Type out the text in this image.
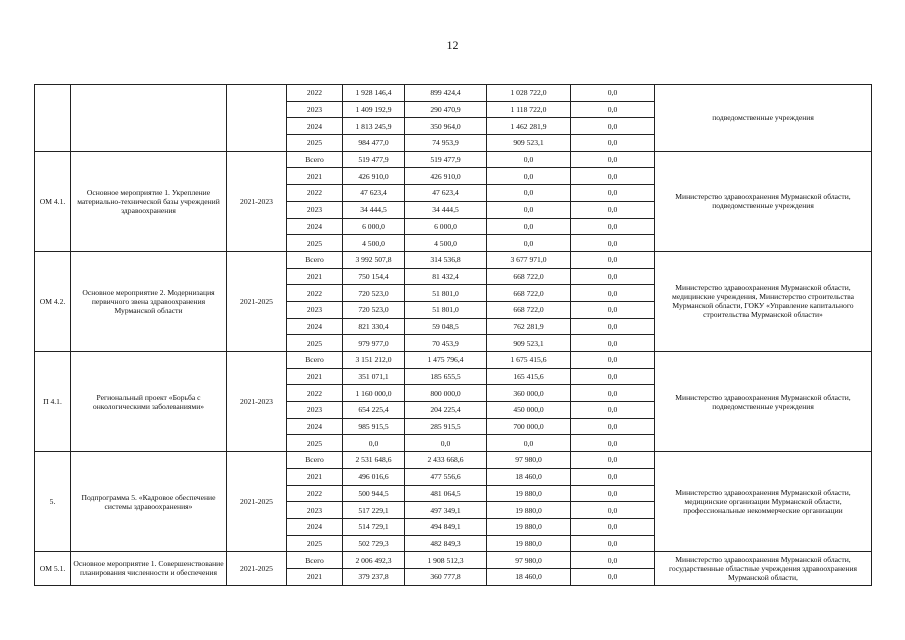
12
			2022	1 928 146,4	899 424,4	1 028 722,0	0,0	подведомственные учреждения
			2023	1 409 192,9	290 470,9	1 118 722,0	0,0	
			2024	1 813 245,9	350 964,0	1 462 281,9	0,0	
			2025	984 477,0	74 953,9	909 523,1	0,0	
ОМ 4.1.	Основное мероприятие 1. Укрепление материально-технической базы учреждений здравоохранения	2021-2023	Всего	519 477,9	519 477,9	0,0	0,0	Министерство здравоохранения Мурманской области, подведомственные учреждения
			2021	426 910,0	426 910,0	0,0	0,0	
			2022	47 623,4	47 623,4	0,0	0,0	
			2023	34 444,5	34 444,5	0,0	0,0	
			2024	6 000,0	6 000,0	0,0	0,0	
			2025	4 500,0	4 500,0	0,0	0,0	
ОМ 4.2.	Основное мероприятие 2. Модернизация первичного звена здравоохранения Мурманской области	2021-2025	Всего	3 992 507,8	314 536,8	3 677 971,0	0,0	Министерство здравоохранения Мурманской области, медицинские учреждения, Министерство строительства Мурманской области, ГОКУ «Управление капитального строительства Мурманской области»
			2021	750 154,4	81 432,4	668 722,0	0,0	
			2022	720 523,0	51 801,0	668 722,0	0,0	
			2023	720 523,0	51 801,0	668 722,0	0,0	
			2024	821 330,4	59 048,5	762 281,9	0,0	
			2025	979 977,0	70 453,9	909 523,1	0,0	
П 4.1.	Региональный проект «Борьба с онкологическими заболеваниями»	2021-2023	Всего	3 151 212,0	1 475 796,4	1 675 415,6	0,0	Министерство здравоохранения Мурманской области, подведомственные учреждения
			2021	351 071,1	185 655,5	165 415,6	0,0	
			2022	1 160 000,0	800 000,0	360 000,0	0,0	
			2023	654 225,4	204 225,4	450 000,0	0,0	
			2024	985 915,5	285 915,5	700 000,0	0,0	
			2025	0,0	0,0	0,0	0,0	
5.	Подпрограмма 5. «Кадровое обеспечение системы здравоохранения»	2021-2025	Всего	2 531 648,6	2 433 668,6	97 980,0	0,0	Министерство здравоохранения Мурманской области, медицинские организации Мурманской области, профессиональные некоммерческие организации
			2021	496 016,6	477 556,6	18 460,0	0,0	
			2022	500 944,5	481 064,5	19 880,0	0,0	
			2023	517 229,1	497 349,1	19 880,0	0,0	
			2024	514 729,1	494 849,1	19 880,0	0,0	
			2025	502 729,3	482 849,3	19 880,0	0,0	
ОМ 5.1.	Основное мероприятие 1. Совершенствование планирования численности и обеспечения	2021-2025	Всего	2 006 492,3	1 908 512,3	97 980,0	0,0	Министерство здравоохранения Мурманской области, государственные областные учреждения здравоохранения Мурманской области,
			2021	379 237,8	360 777,8	18 460,0	0,0	
